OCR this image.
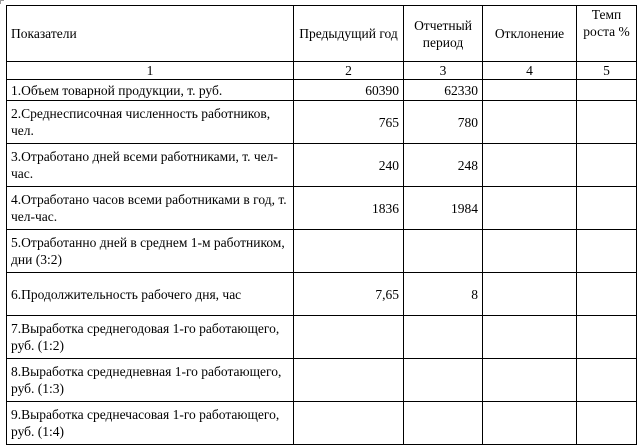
Показатели	Предыдущий год	Отчетный период	Отклонение	Темп роста %
1	2	3	4	5
1.Объем товарной продукции, т. руб.	60390	62330		
2.Среднесписочная численность работников, чел.	765	780		
3.Отработано дней всеми работниками, т. чел-час.	240	248		
4.Отработано часов всеми работниками в год, т. чел-час.	1836	1984		
5.Отработанно дней в среднем 1-м работником, дни (3:2)				
6.Продолжительность рабочего дня, час	7,65	8		
7.Выработка среднегодовая 1-го работающего, руб. (1:2)				
8.Выработка среднедневная 1-го работающего, руб. (1:3)				
9.Выработка среднечасовая 1-го работающего, руб. (1:4)				
